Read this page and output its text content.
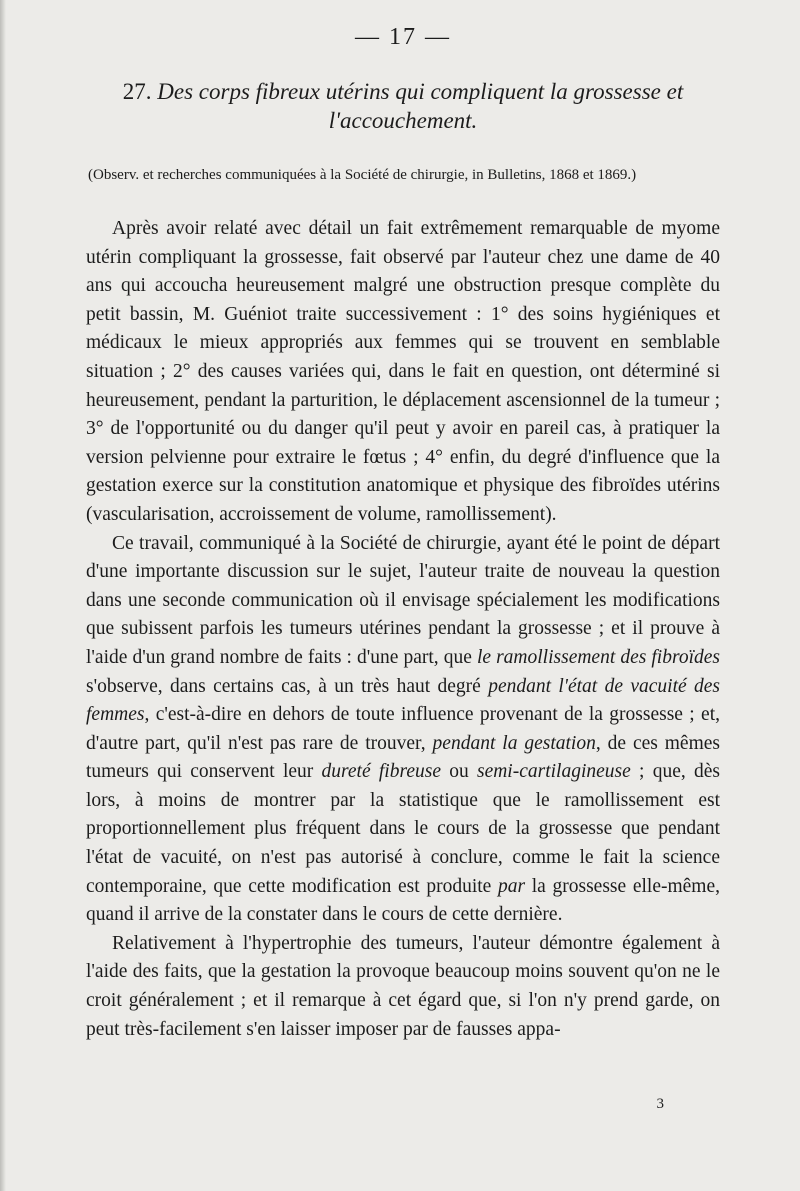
— 17 —
27. Des corps fibreux utérins qui compliquent la grossesse et l'accouchement.
(Observ. et recherches communiquées à la Société de chirurgie, in Bulletins, 1868 et 1869.)

Après avoir relaté avec détail un fait extrêmement remarquable de myome utérin compliquant la grossesse, fait observé par l'auteur chez une dame de 40 ans qui accoucha heureusement malgré une obstruction presque complète du petit bassin, M. Guéniot traite successivement : 1° des soins hygiéniques et médicaux le mieux appropriés aux femmes qui se trouvent en semblable situation ; 2° des causes variées qui, dans le fait en question, ont déterminé si heureusement, pendant la parturition, le déplacement ascensionnel de la tumeur ; 3° de l'opportunité ou du danger qu'il peut y avoir en pareil cas, à pratiquer la version pelvienne pour extraire le fœtus ; 4° enfin, du degré d'influence que la gestation exerce sur la constitution anatomique et physique des fibroïdes utérins (vascularisation, accroissement de volume, ramollissement).

Ce travail, communiqué à la Société de chirurgie, ayant été le point de départ d'une importante discussion sur le sujet, l'auteur traite de nouveau la question dans une seconde communication où il envisage spécialement les modifications que subissent parfois les tumeurs utérines pendant la grossesse ; et il prouve à l'aide d'un grand nombre de faits : d'une part, que le ramollissement des fibroïdes s'observe, dans certains cas, à un très haut degré pendant l'état de vacuité des femmes, c'est-à-dire en dehors de toute influence provenant de la grossesse ; et, d'autre part, qu'il n'est pas rare de trouver, pendant la gestation, de ces mêmes tumeurs qui conservent leur dureté fibreuse ou semi-cartilagineuse ; que, dès lors, à moins de montrer par la statistique que le ramollissement est proportionnellement plus fréquent dans le cours de la grossesse que pendant l'état de vacuité, on n'est pas autorisé à conclure, comme le fait la science contemporaine, que cette modification est produite par la grossesse elle-même, quand il arrive de la constater dans le cours de cette dernière.

Relativement à l'hypertrophie des tumeurs, l'auteur démontre également à l'aide des faits, que la gestation la provoque beaucoup moins souvent qu'on ne le croit généralement ; et il remarque à cet égard que, si l'on n'y prend garde, on peut très-facilement s'en laisser imposer par de fausses appa-

3
